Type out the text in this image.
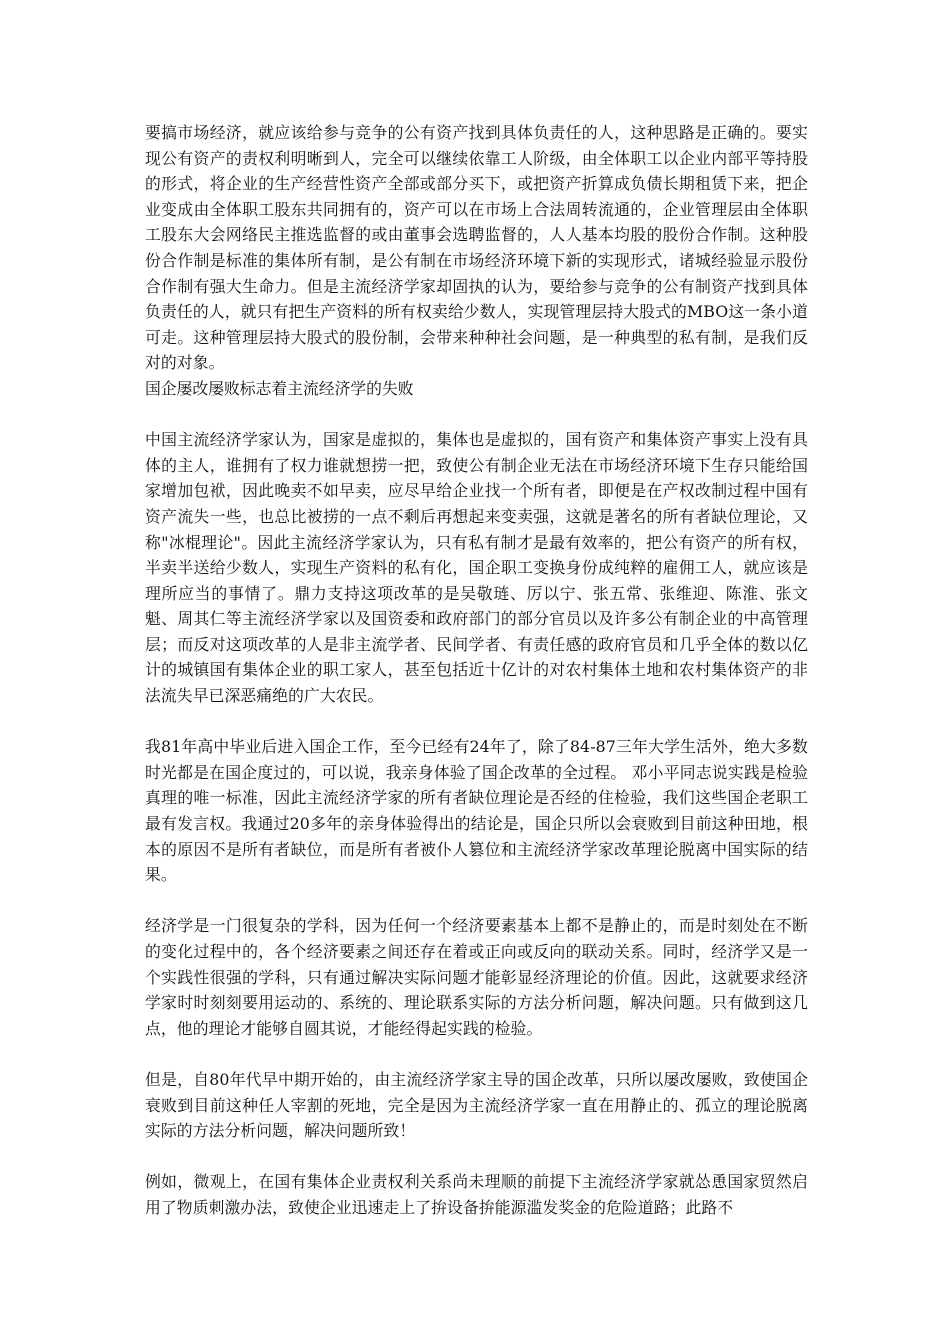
要搞市场经济，就应该给参与竞争的公有资产找到具体负责任的人，这种思路是正确的。要实现公有资产的责权利明晰到人，完全可以继续依靠工人阶级，由全体职工以企业内部平等持股的形式，将企业的生产经营性资产全部或部分买下，或把资产折算成负债长期租赁下来，把企业变成由全体职工股东共同拥有的，资产可以在市场上合法周转流通的，企业管理层由全体职工股东大会网络民主推选监督的或由董事会选聘监督的，人人基本均股的股份合作制。这种股份合作制是标准的集体所有制，是公有制在市场经济环境下新的实现形式，诸城经验显示股份合作制有强大生命力。但是主流经济学家却固执的认为，要给参与竞争的公有制资产找到具体负责任的人，就只有把生产资料的所有权卖给少数人，实现管理层持大股式的MBO这一条小道可走。这种管理层持大股式的股份制，会带来种种社会问题，是一种典型的私有制，是我们反对的对象。

国企屡改屡败标志着主流经济学的失败

中国主流经济学家认为，国家是虚拟的，集体也是虚拟的，国有资产和集体资产事实上没有具体的主人，谁拥有了权力谁就想捞一把，致使公有制企业无法在市场经济环境下生存只能给国家增加包袱，因此晚卖不如早卖，应尽早给企业找一个所有者，即便是在产权改制过程中国有资产流失一些，也总比被捞的一点不剩后再想起来变卖强，这就是著名的所有者缺位理论，又称"冰棍理论"。因此主流经济学家认为，只有私有制才是最有效率的，把公有资产的所有权，半卖半送给少数人，实现生产资料的私有化，国企职工变换身份成纯粹的雇佣工人，就应该是理所应当的事情了。鼎力支持这项改革的是吴敬琏、厉以宁、张五常、张维迎、陈淮、张文魁、周其仁等主流经济学家以及国资委和政府部门的部分官员以及许多公有制企业的中高管理层；而反对这项改革的人是非主流学者、民间学者、有责任感的政府官员和几乎全体的数以亿计的城镇国有集体企业的职工家人，甚至包括近十亿计的对农村集体土地和农村集体资产的非法流失早已深恶痛绝的广大农民。

我81年高中毕业后进入国企工作，至今已经有24年了，除了84-87三年大学生活外，绝大多数时光都是在国企度过的，可以说，我亲身体验了国企改革的全过程。 邓小平同志说实践是检验真理的唯一标准，因此主流经济学家的所有者缺位理论是否经的住检验，我们这些国企老职工最有发言权。我通过20多年的亲身体验得出的结论是，国企只所以会衰败到目前这种田地，根本的原因不是所有者缺位，而是所有者被仆人篡位和主流经济学家改革理论脱离中国实际的结果。

经济学是一门很复杂的学科，因为任何一个经济要素基本上都不是静止的，而是时刻处在不断的变化过程中的，各个经济要素之间还存在着或正向或反向的联动关系。同时，经济学又是一个实践性很强的学科，只有通过解决实际问题才能彰显经济理论的价值。因此，这就要求经济学家时时刻刻要用运动的、系统的、理论联系实际的方法分析问题，解决问题。只有做到这几点，他的理论才能够自圆其说，才能经得起实践的检验。

但是，自80年代早中期开始的，由主流经济学家主导的国企改革，只所以屡改屡败，致使国企衰败到目前这种任人宰割的死地，完全是因为主流经济学家一直在用静止的、孤立的理论脱离实际的方法分析问题，解决问题所致！

例如，微观上，在国有集体企业责权利关系尚未理顺的前提下主流经济学家就怂恿国家贸然启用了物质刺激办法，致使企业迅速走上了拚设备拚能源滥发奖金的危险道路；此路不
